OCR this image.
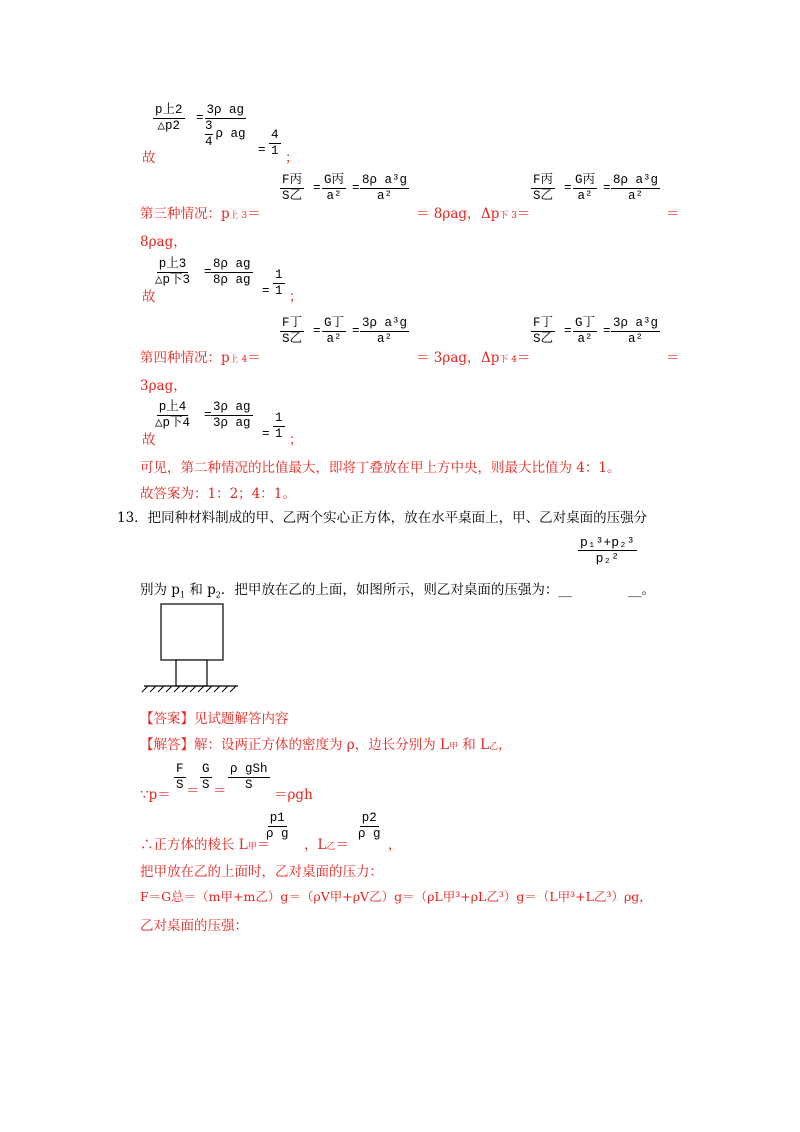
p上2
△p2
= 3ρ ag
3
4
ρ ag
故	= $\frac{4}{1}$ ；
第三种情况：p上 3＝
F丙
S乙
=
G丙
a²
= $\frac{\text{8ρ a³g}}{\text{a²}}$
＝ 8ρag， Δp下 3＝
F丙
S乙
=
G丙
a²
= $\frac{\text{8ρ a³g}}{\text{a²}}$
＝
8ρag，
p上3
△p下3
= $\frac{\text{8ρ ag}}{\text{8ρ ag}}$
故	= $\frac{1}{1}$ ；
第四种情况：p上 4＝
F丁
S乙
=
G丁
a²
= $\frac{\text{3ρ a³g}}{\text{a²}}$
＝ 3ρag， Δp下 4＝
F丁
S乙
=
G丁
a²
= $\frac{\text{3ρ a³g}}{\text{a²}}$
＝
3ρag，
p上4
△p下4
= $\frac{\text{3ρ ag}}{\text{3ρ ag}}$
故	= $\frac{1}{1}$ ；
可见，第二种情况的比值最大，即将丁叠放在甲上方中央，则最大比值为 4：1。
故答案为：1：2；4：1。
13．把同种材料制成的甲、乙两个实心正方体，放在水平桌面上，甲、乙对桌面的压强分
$\frac{\text{p₁³+p₂³}}{\text{p₂²}}$
别为 $p_1$ 和 $p_2$．把甲放在乙的上面，如图所示，则乙对桌面的压强为：__	__。
【答案】见试题解答内容
【解答】解：设两正方体的密度为 ρ，边长分别为 L甲 和 L乙，
∵p＝
$\frac{F}{S} = \frac{G}{S}$ ＝
ρ gSh
S
＝ρgh
∴正方体的棱长 L甲＝
$\frac{p1}{\text{ρ g}}$
，L乙＝
$\frac{p2}{\text{ρ g}}$
，
把甲放在乙的上面时，乙对桌面的压力：
F＝G总＝（m甲+m乙）g＝（ρV甲+ρV乙）g＝（ρL甲³+ρL乙³）g＝（L甲³+L乙³）ρg，
乙对桌面的压强：
